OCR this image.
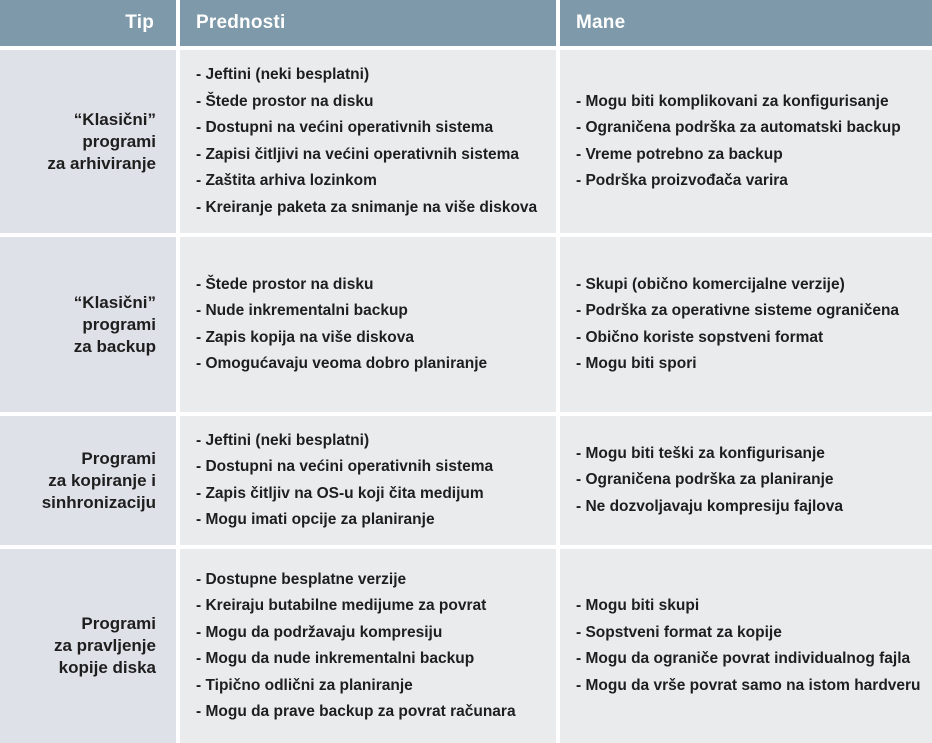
Tip Prednosti	Mane
“Klasični”
programi
za arhiviranje
- Jeftini (neki besplatni)
- Štede prostor na disku
- Dostupni na većini operativnih sistema
- Zapisi čitljivi na većini operativnih sistema
- Zaštita arhiva lozinkom
- Kreiranje paketa za snimanje na više diskova
- Mogu biti komplikovani za konfigurisanje
- Ograničena podrška za automatski backup
- Vreme potrebno za backup
- Podrška proizvođača varira
“Klasični”
programi
za backup
- Štede prostor na disku
- Nude inkrementalni backup
- Zapis kopija na više diskova
- Omogućavaju veoma dobro planiranje
- Skupi (obično komercijalne verzije)
- Podrška za operativne sisteme ograničena
- Obično koriste sopstveni format
- Mogu biti spori
Programi
za kopiranje i
sinhronizaciju
- Jeftini (neki besplatni)
- Dostupni na većini operativnih sistema
- Zapis čitljiv na OS-u koji čita medijum
- Mogu imati opcije za planiranje
- Mogu biti teški za konfigurisanje
- Ograničena podrška za planiranje
- Ne dozvoljavaju kompresiju fajlova
Programi
za pravljenje
kopije diska
- Dostupne besplatne verzije
- Kreiraju butabilne medijume za povrat
- Mogu da podržavaju kompresiju
- Mogu da nude inkrementalni backup
- Tipično odlični za planiranje
- Mogu da prave backup za povrat računara
- Mogu biti skupi
- Sopstveni format za kopije
- Mogu da ograniče povrat individualnog fajla
- Mogu da vrše povrat samo na istom hardveru
